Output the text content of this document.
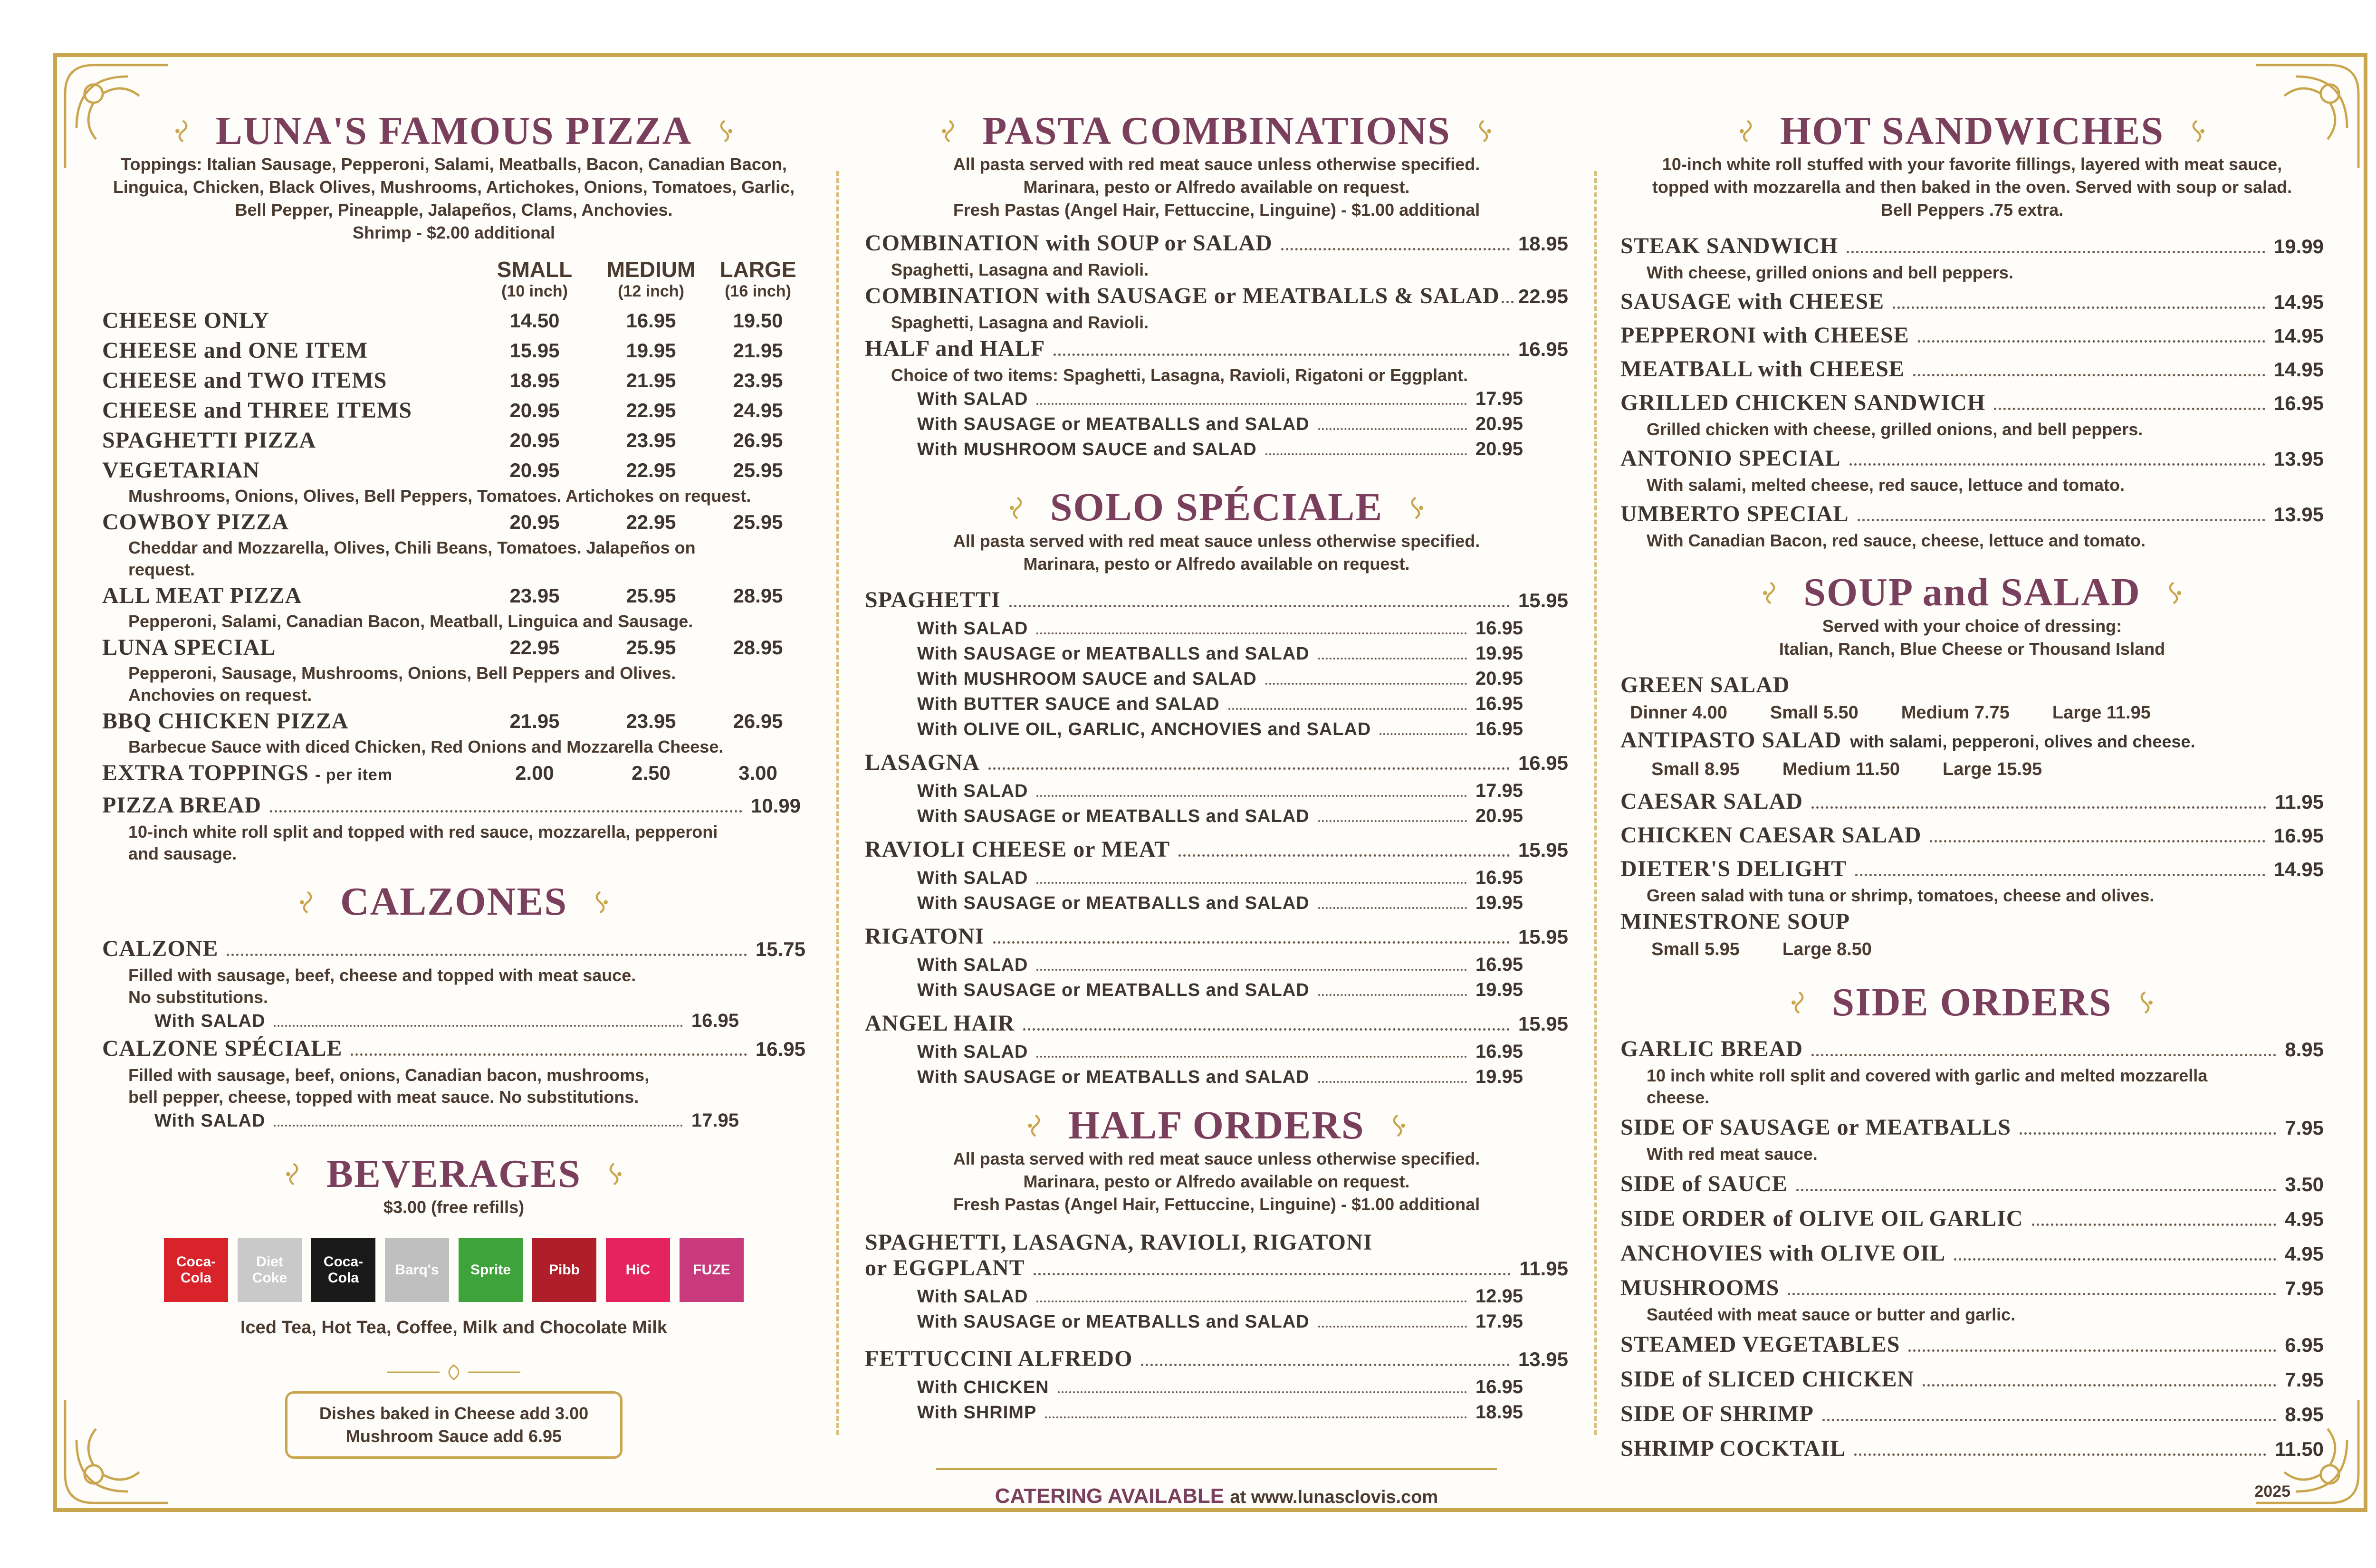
LUNA'S FAMOUS PIZZA
Toppings: Italian Sausage, Pepperoni, Salami, Meatballs, Bacon, Canadian Bacon, Linguica, Chicken, Black Olives, Mushrooms, Artichokes, Onions, Tomatoes, Garlic, Bell Pepper, Pineapple, Jalapeños, Clams, Anchovies.
Shrimp - $2.00 additional
SMALL	MEDIUM	LARGE
(10 inch)	(12 inch)	(16 inch)
CHEESE ONLY	14.50	16.95	19.50
CHEESE and ONE ITEM	15.95	19.95	21.95
CHEESE and TWO ITEMS	18.95	21.95	23.95
CHEESE and THREE ITEMS	20.95	22.95	24.95
SPAGHETTI PIZZA	20.95	23.95	26.95
VEGETARIAN	20.95	22.95	25.95
Mushrooms, Onions, Olives, Bell Peppers, Tomatoes. Artichokes on request.
COWBOY PIZZA	20.95	22.95	25.95
Cheddar and Mozzarella, Olives, Chili Beans, Tomatoes. Jalapeños on request.
ALL MEAT PIZZA	23.95	25.95	28.95
Pepperoni, Salami, Canadian Bacon, Meatball, Linguica and Sausage.
LUNA SPECIAL	22.95	25.95	28.95
Pepperoni, Sausage, Mushrooms, Onions, Bell Peppers and Olives. Anchovies on request.
BBQ CHICKEN PIZZA	21.95	23.95	26.95
Barbecue Sauce with diced Chicken, Red Onions and Mozzarella Cheese.
EXTRA TOPPINGS - per item	2.00	2.50	3.00
PIZZA BREAD	10.99
10-inch white roll split and topped with red sauce, mozzarella, pepperoni and sausage.
CALZONES
CALZONE	15.75
Filled with sausage, beef, cheese and topped with meat sauce. No substitutions.
With SALAD	16.95
CALZONE SPÉCIALE	16.95
Filled with sausage, beef, onions, Canadian bacon, mushrooms, bell pepper, cheese, topped with meat sauce. No substitutions.
With SALAD	17.95
BEVERAGES
$3.00 (free refills)
Coca-Cola
Diet Coke
Coca-Cola
Barq's	Sprite	Pibb	HiC	FUZE
Iced Tea, Hot Tea, Coffee, Milk and Chocolate Milk
Dishes baked in Cheese add 3.00
Mushroom Sauce add 6.95
PASTA COMBINATIONS
All pasta served with red meat sauce unless otherwise specified.
Marinara, pesto or Alfredo available on request.
Fresh Pastas (Angel Hair, Fettuccine, Linguine) - $1.00 additional
COMBINATION with SOUP or SALAD	18.95
Spaghetti, Lasagna and Ravioli.
COMBINATION with SAUSAGE or MEATBALLS & SALAD 22.95
Spaghetti, Lasagna and Ravioli.
HALF and HALF	16.95
Choice of two items: Spaghetti, Lasagna, Ravioli, Rigatoni or Eggplant.
With SALAD	17.95
With SAUSAGE or MEATBALLS and SALAD	20.95
With MUSHROOM SAUCE and SALAD	20.95
SOLO SPÉCIALE
All pasta served with red meat sauce unless otherwise specified.
Marinara, pesto or Alfredo available on request.
SPAGHETTI	15.95
With SALAD	16.95
With SAUSAGE or MEATBALLS and SALAD	19.95
With MUSHROOM SAUCE and SALAD	20.95
With BUTTER SAUCE and SALAD	16.95
With OLIVE OIL, GARLIC, ANCHOVIES and SALAD	16.95
LASAGNA	16.95
With SALAD	17.95
With SAUSAGE or MEATBALLS and SALAD	20.95
RAVIOLI CHEESE or MEAT	15.95
With SALAD	16.95
With SAUSAGE or MEATBALLS and SALAD	19.95
RIGATONI	15.95
With SALAD	16.95
With SAUSAGE or MEATBALLS and SALAD	19.95
ANGEL HAIR	15.95
With SALAD	16.95
With SAUSAGE or MEATBALLS and SALAD	19.95
HALF ORDERS
All pasta served with red meat sauce unless otherwise specified.
Marinara, pesto or Alfredo available on request.
Fresh Pastas (Angel Hair, Fettuccine, Linguine) - $1.00 additional
SPAGHETTI, LASAGNA, RAVIOLI, RIGATONI
or EGGPLANT	11.95
With SALAD	12.95
With SAUSAGE or MEATBALLS and SALAD	17.95
FETTUCCINI ALFREDO	13.95
With CHICKEN	16.95
With SHRIMP	18.95
CATERING AVAILABLE at www.lunasclovis.com
HOT SANDWICHES
10-inch white roll stuffed with your favorite fillings, layered with meat sauce,
topped with mozzarella and then baked in the oven. Served with soup or salad.
Bell Peppers .75 extra.
STEAK SANDWICH	19.99
With cheese, grilled onions and bell peppers.
SAUSAGE with CHEESE	14.95
PEPPERONI with CHEESE	14.95
MEATBALL with CHEESE	14.95
GRILLED CHICKEN SANDWICH	16.95
Grilled chicken with cheese, grilled onions, and bell peppers.
ANTONIO SPECIAL	13.95
With salami, melted cheese, red sauce, lettuce and tomato.
UMBERTO SPECIAL	13.95
With Canadian Bacon, red sauce, cheese, lettuce and tomato.
SOUP and SALAD
Served with your choice of dressing:
Italian, Ranch, Blue Cheese or Thousand Island
GREEN SALAD
Dinner 4.00 Small 5.50 Medium 7.75 Large 11.95
ANTIPASTO SALAD with salami, pepperoni, olives and cheese.
Small 8.95 Medium 11.50 Large 15.95
CAESAR SALAD	11.95
CHICKEN CAESAR SALAD	16.95
DIETER'S DELIGHT	14.95
Green salad with tuna or shrimp, tomatoes, cheese and olives.
MINESTRONE SOUP
Small 5.95 Large 8.50
SIDE ORDERS
GARLIC BREAD	8.95
10 inch white roll split and covered with garlic and melted mozzarella cheese.
SIDE OF SAUSAGE or MEATBALLS	7.95
With red meat sauce.
SIDE of SAUCE	3.50
SIDE ORDER of OLIVE OIL GARLIC	4.95
ANCHOVIES with OLIVE OIL	4.95
MUSHROOMS	7.95
Sautéed with meat sauce or butter and garlic.
STEAMED VEGETABLES	6.95
SIDE of SLICED CHICKEN	7.95
SIDE OF SHRIMP	8.95
SHRIMP COCKTAIL	11.50
2025
